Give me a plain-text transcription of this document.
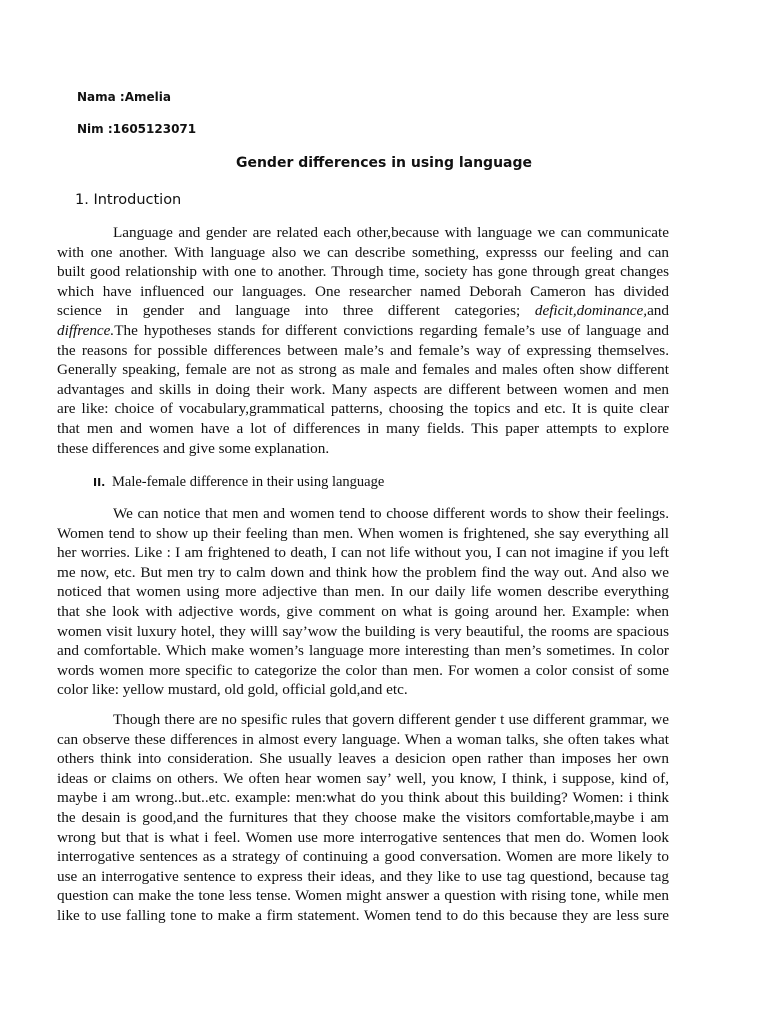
Nama :Amelia
Nim :1605123071
Gender differences in using language
1. Introduction
Language and gender are related each other,because with language we can communicate
with one another. With language also we can describe something, expresss our feeling and can
built good relationship with one to another. Through time, society has gone through great changes
which have influenced our languages. One researcher named Deborah Cameron has divided
science in gender and language into three different categories; deficit,dominance,and
diffrence.The hypotheses stands for different convictions regarding female’s use of language and
the reasons for possible differences between male’s and female’s way of expressing themselves.
Generally speaking, female are not as strong as male and females and males often show different
advantages and skills in doing their work. Many aspects are different between women and men
are like: choice of vocabulary,grammatical patterns, choosing the topics and etc. It is quite clear
that men and women have a lot of differences in many fields. This paper attempts to explore
these differences and give some explanation.
II. Male-female difference in their using language
We can notice that men and women tend to choose different words to show their feelings.
Women tend to show up their feeling than men. When women is frightened, she say everything all
her worries. Like : I am frightened to death, I can not life without you, I can not imagine if you left
me now, etc. But men try to calm down and think how the problem find the way out. And also we
noticed that women using more adjective than men. In our daily life women describe everything
that she look with adjective words, give comment on what is going around her. Example: when
women visit luxury hotel, they willl say’wow the building is very beautiful, the rooms are spacious
and comfortable. Which make women’s language more interesting than men’s sometimes. In color
words women more specific to categorize the color than men. For women a color consist of some
color like: yellow mustard, old gold, official gold,and etc.
Though there are no spesific rules that govern different gender t use different grammar, we
can observe these differences in almost every language. When a woman talks, she often takes what
others think into consideration. She usually leaves a desicion open rather than imposes her own
ideas or claims on others. We often hear women say’ well, you know, I think, i suppose, kind of,
maybe i am wrong..but..etc. example: men:what do you think about this building? Women: i think
the desain is good,and the furnitures that they choose make the visitors comfortable,maybe i am
wrong but that is what i feel. Women use more interrogative sentences that men do. Women look
interrogative sentences as a strategy of continuing a good conversation. Women are more likely to
use an interrogative sentence to express their ideas, and they like to use tag questiond, because tag
question can make the tone less tense. Women might answer a question with rising tone, while men
like to use falling tone to make a firm statement. Women tend to do this because they are less sure
